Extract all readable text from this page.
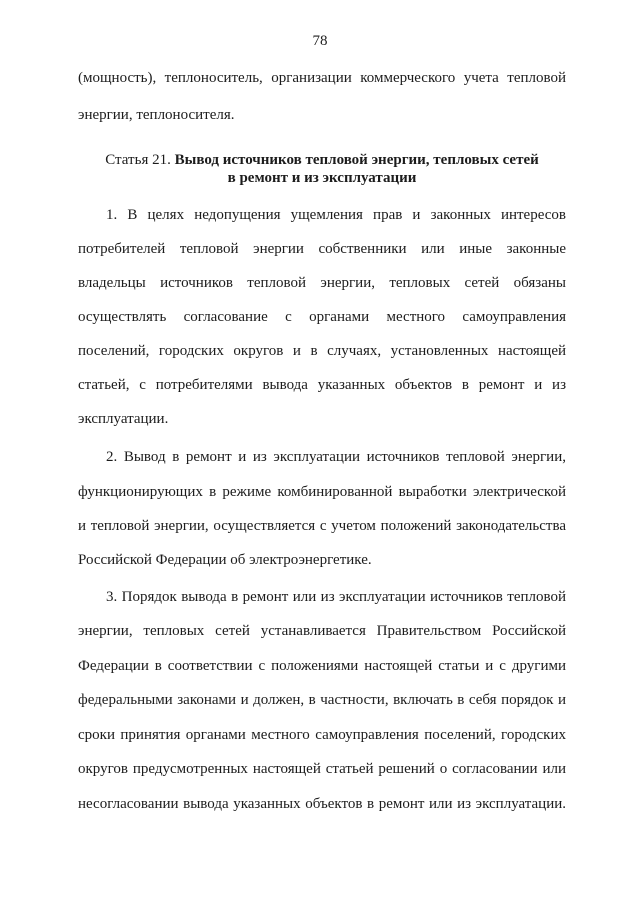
78
(мощность), теплоноситель, организации коммерческого учета тепловой
энергии, теплоносителя.
Статья 21. Вывод источников тепловой энергии, тепловых сетей
в ремонт и из эксплуатации
1. В целях недопущения ущемления прав и законных интересов
потребителей тепловой энергии собственники или иные законные
владельцы источников тепловой энергии, тепловых сетей обязаны
осуществлять согласование с органами местного самоуправления
поселений, городских округов и в случаях, установленных настоящей
статьей, с потребителями вывода указанных объектов в ремонт и из
эксплуатации.
2. Вывод в ремонт и из эксплуатации источников тепловой энергии,
функционирующих в режиме комбинированной выработки электрической
и тепловой энергии, осуществляется с учетом положений законодательства
Российской Федерации об электроэнергетике.
3. Порядок вывода в ремонт или из эксплуатации источников тепловой
энергии, тепловых сетей устанавливается Правительством Российской
Федерации в соответствии с положениями настоящей статьи и с другими
федеральными законами и должен, в частности, включать в себя порядок и
сроки принятия органами местного самоуправления поселений, городских
округов предусмотренных настоящей статьей решений о согласовании или
несогласовании вывода указанных объектов в ремонт или из эксплуатации.
